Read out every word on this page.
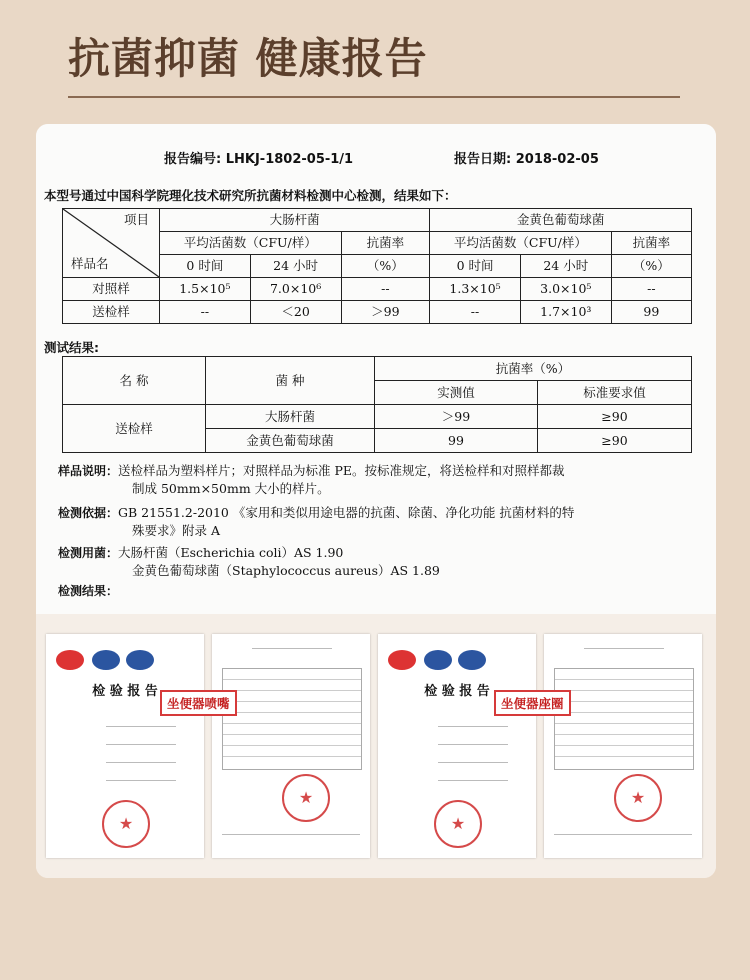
抗菌抑菌 健康报告
报告编号: LHKJ-1802-05-1/1	报告日期: 2018-02-05
本型号通过中国科学院理化技术研究所抗菌材料检测中心检测，结果如下：
项目
样品名	大肠杆菌			金黄色葡萄球菌		
	平均活菌数（CFU/样）		抗菌率	平均活菌数（CFU/样）		抗菌率
	0 时间	24 小时	（%）	0 时间	24 小时	（%）
对照样	1.5×10⁵	7.0×10⁶	--	1.3×10⁵	3.0×10⁵	--
送检样	--	＜20	＞99	--	1.7×10³	99
测试结果:
名 称	菌 种	抗菌率（%）	
		实测值	标准要求值
送检样	大肠杆菌	＞99	≥90
	金黄色葡萄球菌	99	≥90
样品说明：送检样品为塑料样片；对照样品为标准 PE。按标准规定，将送检样和对照样都裁
制成 50mm×50mm 大小的样片。
检测依据：GB 21551.2-2010 《家用和类似用途电器的抗菌、除菌、净化功能 抗菌材料的特
殊要求》附录 A
检测用菌：大肠杆菌（Escherichia coli）AS 1.90
金黄色葡萄球菌（Staphylococcus aureus）AS 1.89
检测结果：
检 验 报 告
★
★
检 验 报 告
★
★
坐便器喷嘴	坐便器座圈
